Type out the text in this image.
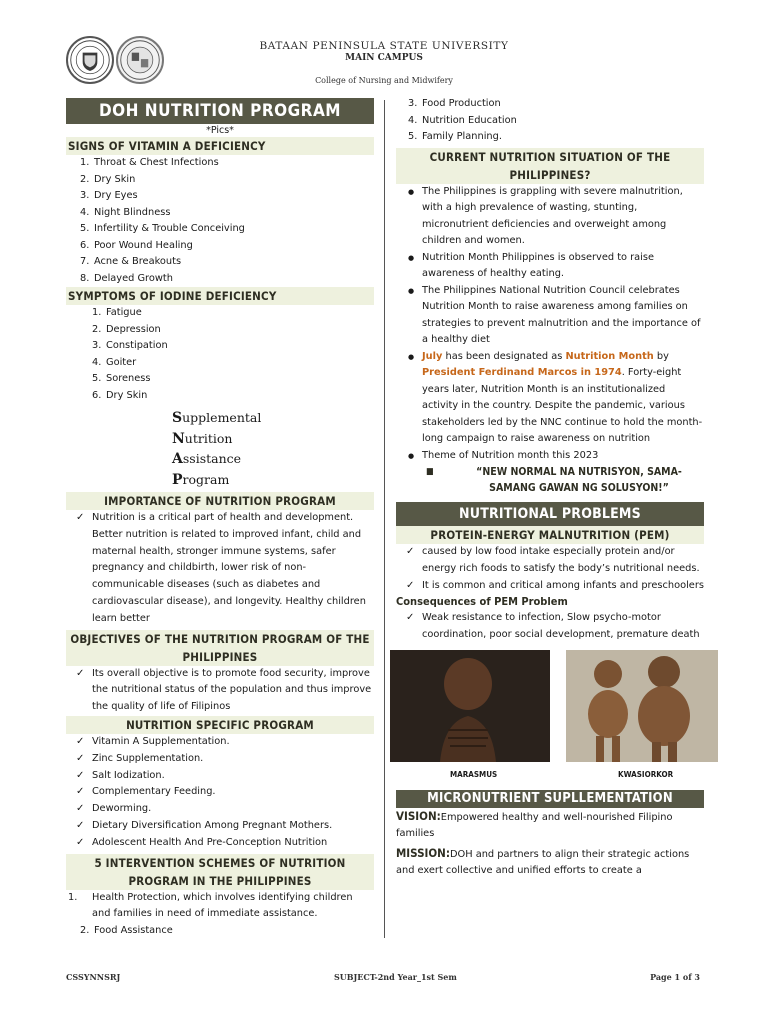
BATAAN PENINSULA STATE UNIVERSITY
MAIN CAMPUS
College of Nursing and Midwifery
DOH NUTRITION PROGRAM
*Pics*
SIGNS OF VITAMIN A DEFICIENCY
1. Throat & Chest Infections
2. Dry Skin
3. Dry Eyes
4. Night Blindness
5. Infertility & Trouble Conceiving
6. Poor Wound Healing
7. Acne & Breakouts
8. Delayed Growth
SYMPTOMS OF IODINE DEFICIENCY
1. Fatigue
2. Depression
3. Constipation
4. Goiter
5. Soreness
6. Dry Skin
Supplemental
Nutrition
Assistance
Program
IMPORTANCE OF NUTRITION PROGRAM
✓ Nutrition is a critical part of health and development. Better nutrition is related to improved infant, child and maternal health, stronger immune systems, safer pregnancy and childbirth, lower risk of non-communicable diseases (such as diabetes and cardiovascular disease), and longevity. Healthy children learn better
OBJECTIVES OF THE NUTRITION PROGRAM OF THE PHILIPPINES
✓ Its overall objective is to promote food security, improve the nutritional status of the population and thus improve the quality of life of Filipinos
NUTRITION SPECIFIC PROGRAM
✓ Vitamin A Supplementation.
✓ Zinc Supplementation.
✓ Salt Iodization.
✓ Complementary Feeding.
✓ Deworming.
✓ Dietary Diversification Among Pregnant Mothers.
✓ Adolescent Health And Pre-Conception Nutrition
5 INTERVENTION SCHEMES OF NUTRITION PROGRAM IN THE PHILIPPINES
1. Health Protection, which involves identifying children and families in need of immediate assistance.
2. Food Assistance
3. Food Production
4. Nutrition Education
5. Family Planning.
CURRENT NUTRITION SITUATION OF THE PHILIPPINES?
● The Philippines is grappling with severe malnutrition, with a high prevalence of wasting, stunting, micronutrient deficiencies and overweight among children and women.
● Nutrition Month Philippines is observed to raise awareness of healthy eating.
● The Philippines National Nutrition Council celebrates Nutrition Month to raise awareness among families on strategies to prevent malnutrition and the importance of a healthy diet
● July has been designated as Nutrition Month by President Ferdinand Marcos in 1974. Forty-eight years later, Nutrition Month is an institutionalized activity in the country. Despite the pandemic, various stakeholders led by the NNC continue to hold the month-long campaign to raise awareness on nutrition
● Theme of Nutrition month this 2023
■ “NEW NORMAL NA NUTRISYON, SAMA-SAMANG GAWAN NG SOLUSYON!”
NUTRITIONAL PROBLEMS
PROTEIN-ENERGY MALNUTRITION (PEM)
✓ caused by low food intake especially protein and/or energy rich foods to satisfy the body’s nutritional needs.
✓ It is common and critical among infants and preschoolers
Consequences of PEM Problem
✓ Weak resistance to infection, Slow psycho-motor coordination, poor social development, premature death
MARASMUS	KWASIORKOR
MICRONUTRIENT SUPLLEMENTATION
VISION:Empowered healthy and well-nourished Filipino families
MISSION:DOH and partners to align their strategic actions and exert collective and unified efforts to create a
CSSYNNSRJ	SUBJECT-2nd Year_1st Sem	Page 1 of 3
